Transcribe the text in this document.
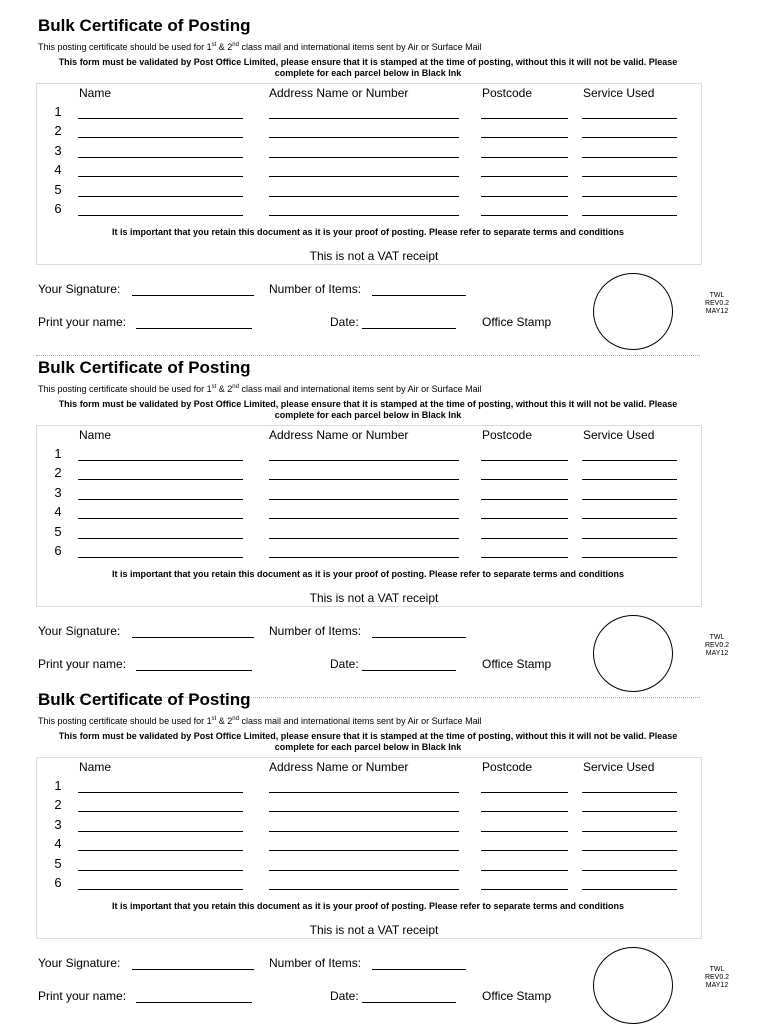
Bulk Certificate of Posting
This posting certificate should be used for 1st & 2nd class mail and international items sent by Air or Surface Mail
This form must be validated by Post Office Limited, please ensure that it is stamped at the time of posting, without this it will not be valid. Please complete for each parcel below in Black Ink
Name	Address Name or Number	Postcode	Service Used
1
2
3
4
5
6
It is important that you retain this document as it is your proof of posting. Please refer to separate terms and conditions
This is not a VAT receipt
Your Signature:	Number of Items:
Print your name:	Date:	Office Stamp
TWL
REV0.2
MAY12
Bulk Certificate of Posting
This posting certificate should be used for 1st & 2nd class mail and international items sent by Air or Surface Mail
This form must be validated by Post Office Limited, please ensure that it is stamped at the time of posting, without this it will not be valid. Please complete for each parcel below in Black Ink
Name	Address Name or Number	Postcode	Service Used
1
2
3
4
5
6
It is important that you retain this document as it is your proof of posting. Please refer to separate terms and conditions
This is not a VAT receipt
Your Signature:	Number of Items:
Print your name:	Date:	Office Stamp
TWL
REV0.2
MAY12
Bulk Certificate of Posting
This posting certificate should be used for 1st & 2nd class mail and international items sent by Air or Surface Mail
This form must be validated by Post Office Limited, please ensure that it is stamped at the time of posting, without this it will not be valid. Please complete for each parcel below in Black Ink
Name	Address Name or Number	Postcode	Service Used
1
2
3
4
5
6
It is important that you retain this document as it is your proof of posting. Please refer to separate terms and conditions
This is not a VAT receipt
Your Signature:	Number of Items:
Print your name:	Date:	Office Stamp
TWL
REV0.2
MAY12
